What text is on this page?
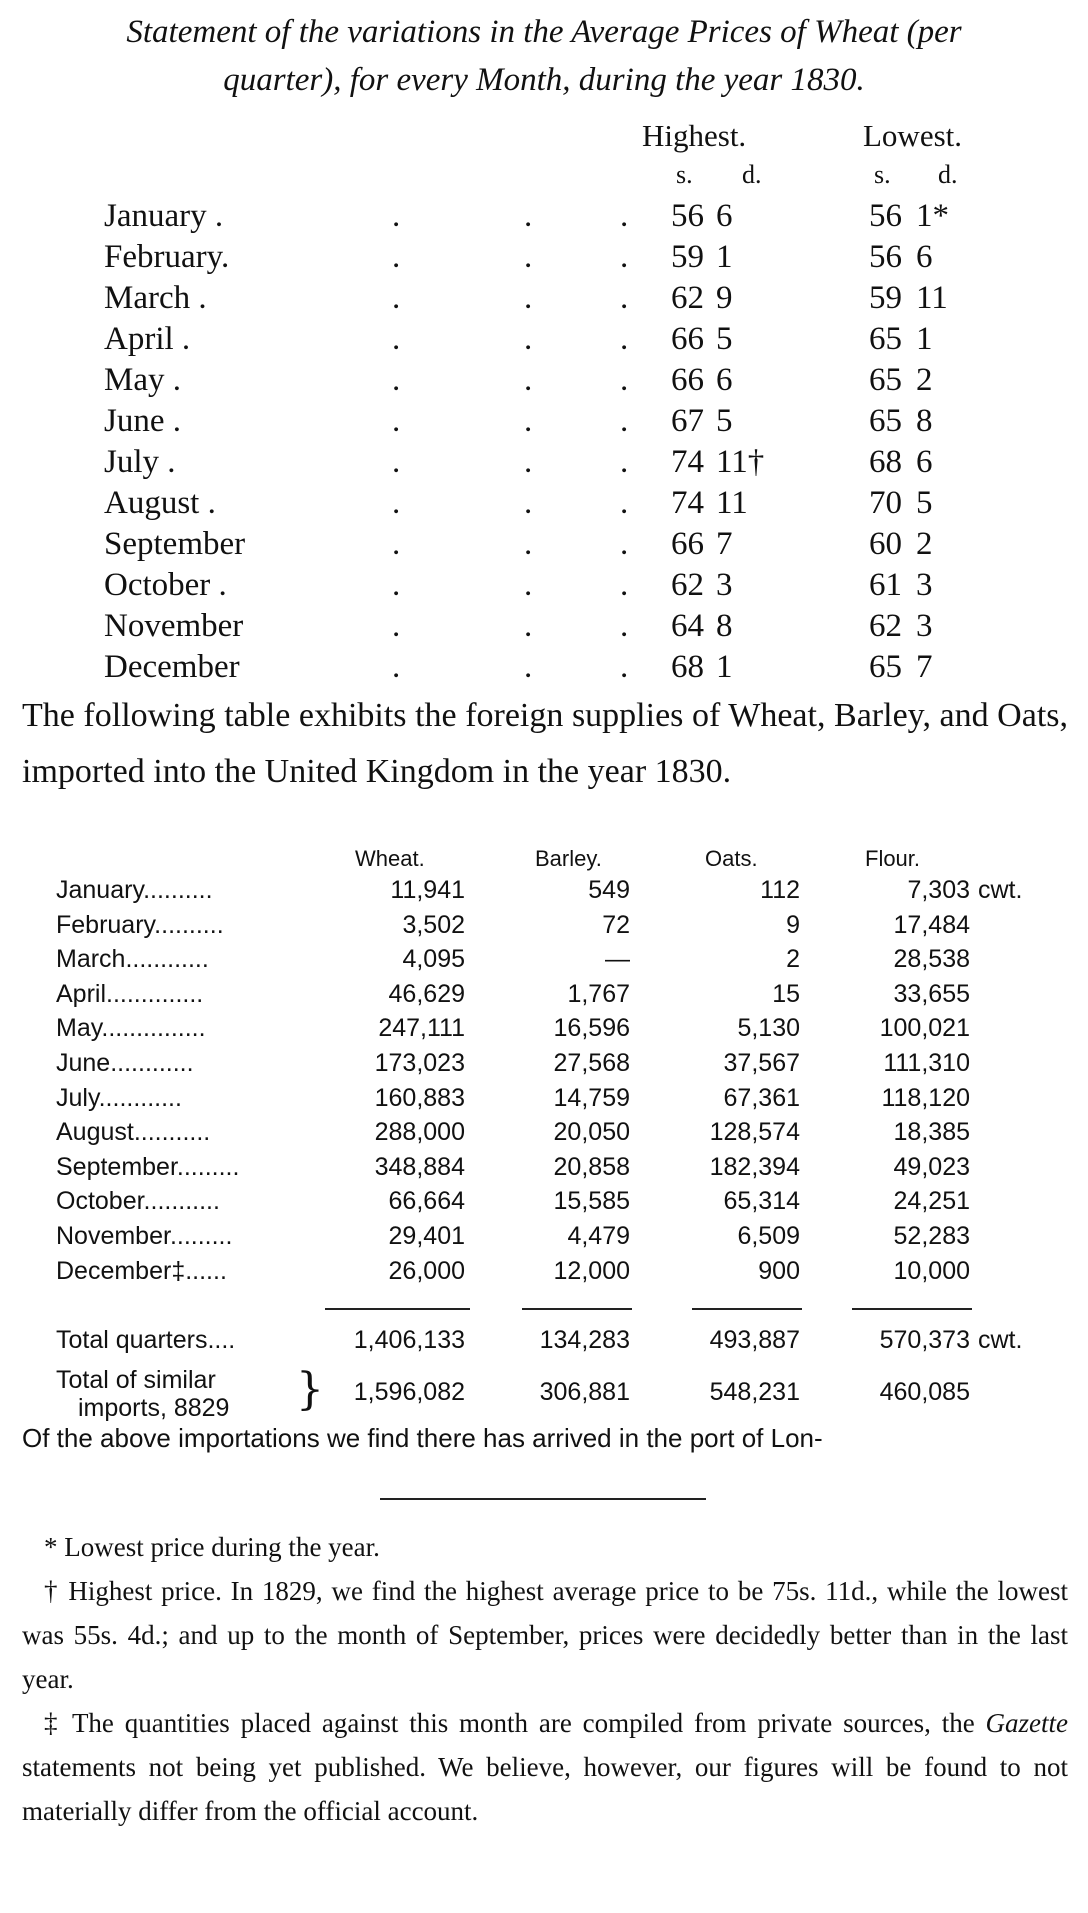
Statement of the variations in the Average Prices of Wheat (per
quarter), for every Month, during the year 1830.
Highest.	Lowest.
s. d.	s. d.
January .	.	.	.	56 6	56 1*
February.	.	.	.	59 1	56 6
March .	.	.	.	62 9	59 11
April .	.	.	.	66 5	65 1
May .	.	.	.	66 6	65 2
June .	.	.	.	67 5	65 8
July .	.	.	.	74 11†	68 6
August .	.	.	.	74 11	70 5
September	.	.	.	66 7	60 2
October .	.	.	.	62 3	61 3
November	.	.	.	64 8	62 3
December	.	.	.	68 1	65 7

The following table exhibits the foreign supplies of Wheat, Barley, and Oats, imported into the United Kingdom in the year 1830.

Wheat.	Barley.	Oats.	Flour.
January..........	11,941	549	112	7,303 cwt.
February..........	3,502	72	9	17,484
March............	4,095	—	2	28,538
April..............	46,629	1,767	15	33,655
May...............	247,111	16,596	5,130	100,021
June............	173,023	27,568	37,567	111,310
July............	160,883	14,759	67,361	118,120
August...........	288,000	20,050	128,574	18,385
September.........	348,884	20,858	182,394	49,023
October...........	66,664	15,585	65,314	24,251
November.........	29,401	4,479	6,509	52,283
December‡......	26,000	12,000	900	10,000
Total quarters....	1,406,133	134,283	493,887	570,373 cwt.
Total of similar
imports, 8829 }	1,596,082	306,881	548,231	460,085
Of the above importations we find there has arrived in the port of Lon-

* Lowest price during the year.

† Highest price. In 1829, we find the highest average price to be 75s. 11d., while the lowest was 55s. 4d.; and up to the month of September, prices were decidedly better than in the last year.

‡ The quantities placed against this month are compiled from private sources, the Gazette statements not being yet published. We believe, however, our figures will be found to not materially differ from the official account.
